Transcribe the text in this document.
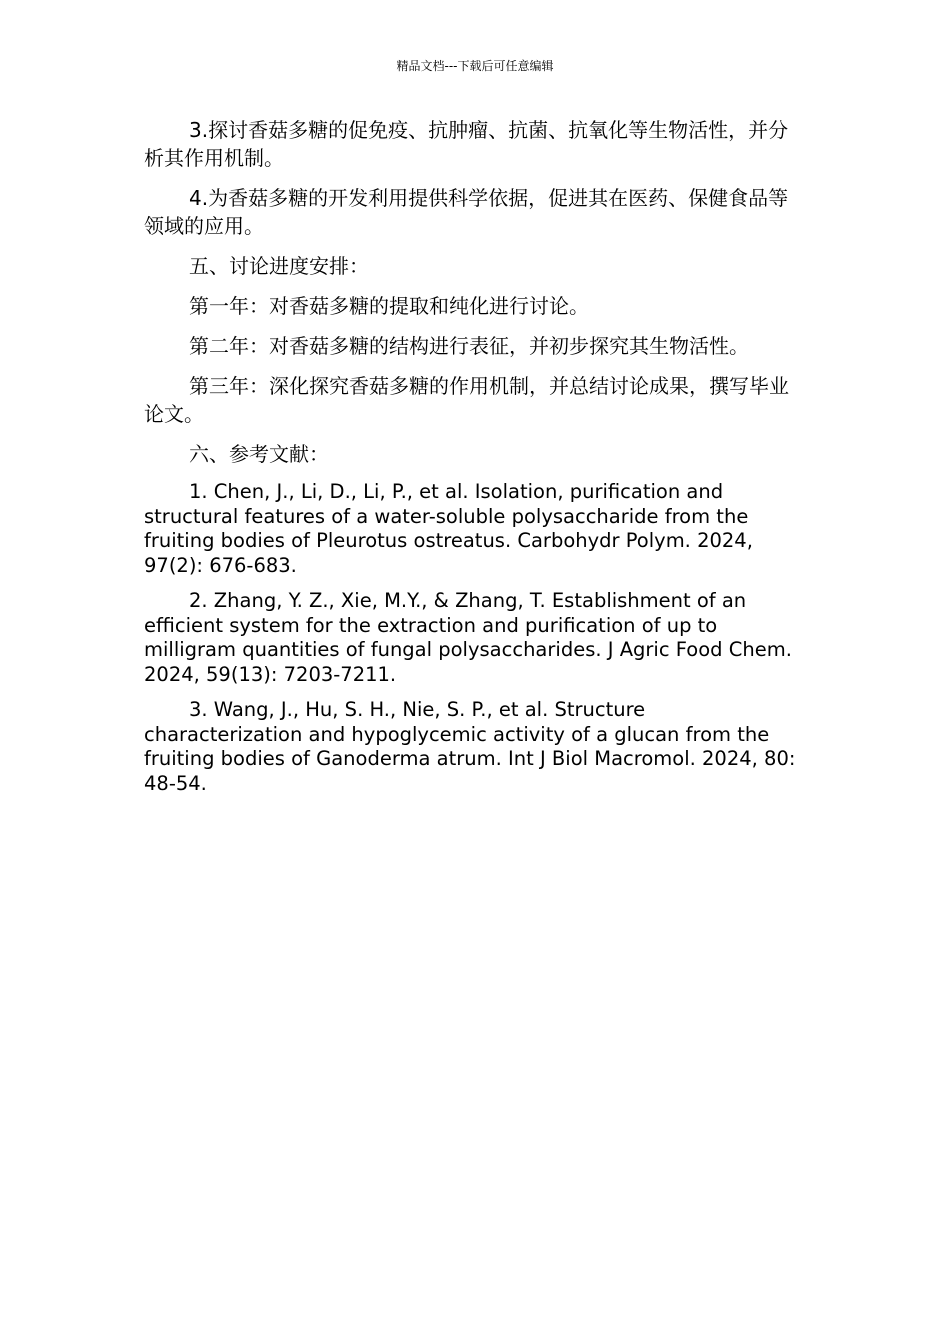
精品文档---下载后可任意编辑

3.探讨香菇多糖的促免疫、抗肿瘤、抗菌、抗氧化等生物活性，并分析其作用机制。

4.为香菇多糖的开发利用提供科学依据，促进其在医药、保健食品等领域的应用。

五、讨论进度安排：

第一年：对香菇多糖的提取和纯化进行讨论。

第二年：对香菇多糖的结构进行表征，并初步探究其生物活性。

第三年：深化探究香菇多糖的作用机制，并总结讨论成果，撰写毕业论文。

六、参考文献：

1. Chen, J., Li, D., Li, P., et al. Isolation, purification and structural features of a water-soluble polysaccharide from the fruiting bodies of Pleurotus ostreatus. Carbohydr Polym. 2024, 97(2): 676-683.

2. Zhang, Y. Z., Xie, M.Y., & Zhang, T. Establishment of an efficient system for the extraction and purification of up to milligram quantities of fungal polysaccharides. J Agric Food Chem. 2024, 59(13): 7203-7211.

3. Wang, J., Hu, S. H., Nie, S. P., et al. Structure characterization and hypoglycemic activity of a glucan from the fruiting bodies of Ganoderma atrum. Int J Biol Macromol. 2024, 80: 48-54.
